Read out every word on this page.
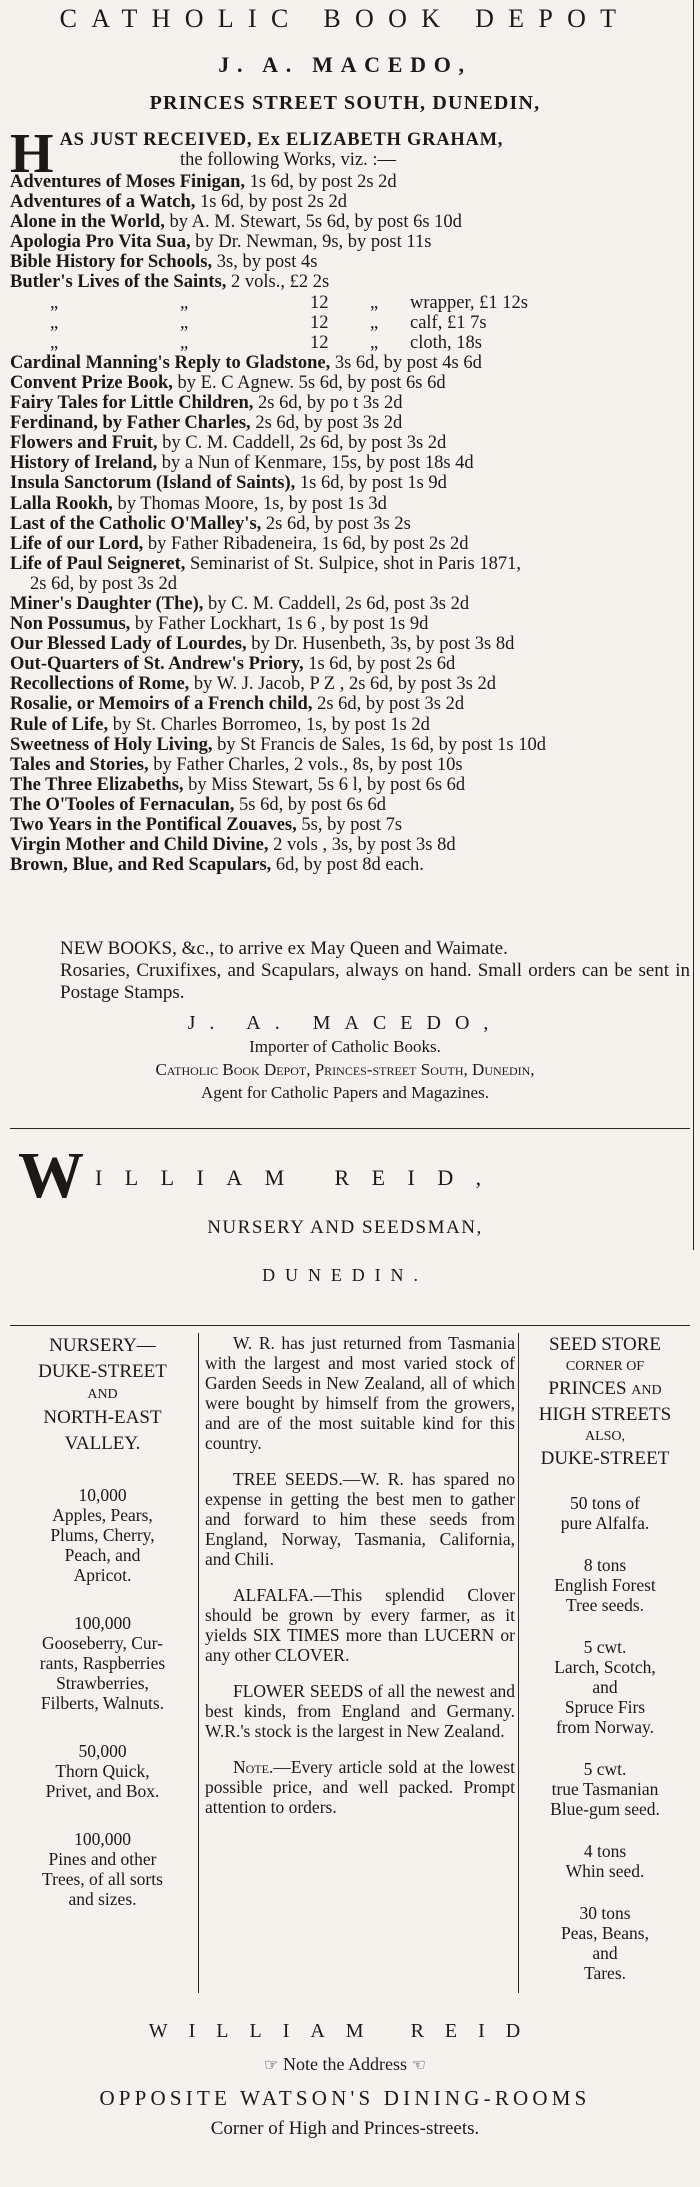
CATHOLIC BOOK DEPOT
J. A. MACEDO,
PRINCES STREET SOUTH, DUNEDIN,
H AS JUST RECEIVED, Ex ELIZABETH GRAHAM,
the following Works, viz. :—
Adventures of Moses Finigan, 1s 6d, by post 2s 2d
Adventures of a Watch, 1s 6d, by post 2s 2d
Alone in the World, by A. M. Stewart, 5s 6d, by post 6s 10d
Apologia Pro Vita Sua, by Dr. Newman, 9s, by post 11s
Bible History for Schools, 3s, by post 4s
Butler's Lives of the Saints, 2 vols., £2 2s
„	„	12 „ wrapper, £1 12s
„	„	12 „ calf, £1 7s
„	„	12 „ cloth, 18s
Cardinal Manning's Reply to Gladstone, 3s 6d, by post 4s 6d
Convent Prize Book, by E. C Agnew. 5s 6d, by post 6s 6d
Fairy Tales for Little Children, 2s 6d, by po t 3s 2d
Ferdinand, by Father Charles, 2s 6d, by post 3s 2d
Flowers and Fruit, by C. M. Caddell, 2s 6d, by post 3s 2d
History of Ireland, by a Nun of Kenmare, 15s, by post 18s 4d
Insula Sanctorum (Island of Saints), 1s 6d, by post 1s 9d
Lalla Rookh, by Thomas Moore, 1s, by post 1s 3d
Last of the Catholic O'Malley's, 2s 6d, by post 3s 2s
Life of our Lord, by Father Ribadeneira, 1s 6d, by post 2s 2d
Life of Paul Seigneret, Seminarist of St. Sulpice, shot in Paris 1871,
2s 6d, by post 3s 2d
Miner's Daughter (The), by C. M. Caddell, 2s 6d, post 3s 2d
Non Possumus, by Father Lockhart, 1s 6 , by post 1s 9d
Our Blessed Lady of Lourdes, by Dr. Husenbeth, 3s, by post 3s 8d
Out-Quarters of St. Andrew's Priory, 1s 6d, by post 2s 6d
Recollections of Rome, by W. J. Jacob, P Z , 2s 6d, by post 3s 2d
Rosalie, or Memoirs of a French child, 2s 6d, by post 3s 2d
Rule of Life, by St. Charles Borromeo, 1s, by post 1s 2d
Sweetness of Holy Living, by St Francis de Sales, 1s 6d, by post 1s 10d
Tales and Stories, by Father Charles, 2 vols., 8s, by post 10s
The Three Elizabeths, by Miss Stewart, 5s 6 l, by post 6s 6d
The O'Tooles of Fernaculan, 5s 6d, by post 6s 6d
Two Years in the Pontifical Zouaves, 5s, by post 7s
Virgin Mother and Child Divine, 2 vols , 3s, by post 3s 8d
Brown, Blue, and Red Scapulars, 6d, by post 8d each.
NEW BOOKS, &c., to arrive ex May Queen and Waimate.
Rosaries, Cruxifixes, and Scapulars, always on hand. Small orders can be sent in Postage Stamps.
J. A. MACEDO,
Importer of Catholic Books.
Catholic Book Depot, Princes-street South, Dunedin,
Agent for Catholic Papers and Magazines.
W ILLIAM REID,
NURSERY AND SEEDSMAN,
DUNEDIN.
NURSERY—
DUKE-STREET
AND
NORTH-EAST
VALLEY.
10,000
Apples, Pears,
Plums, Cherry,
Peach, and
Apricot.
100,000
Gooseberry, Cur-
rants, Raspberries
Strawberries,
Filberts, Walnuts.
50,000
Thorn Quick,
Privet, and Box.
100,000
Pines and other
Trees, of all sorts
and sizes.

W. R. has just returned from Tasmania with the largest and most varied stock of Garden Seeds in New Zealand, all of which were bought by himself from the growers, and are of the most suitable kind for this country.

TREE SEEDS.—W. R. has spared no expense in getting the best men to gather and forward to him these seeds from England, Norway, Tasmania, California, and Chili.

ALFALFA.—This splendid Clover should be grown by every farmer, as it yields SIX TIMES more than LUCERN or any other CLOVER.

FLOWER SEEDS of all the newest and best kinds, from England and Germany. W.R.'s stock is the largest in New Zealand.

Note.—Every article sold at the lowest possible price, and well packed. Prompt attention to orders.

SEED STORE
CORNER OF
PRINCES AND
HIGH STREETS
ALSO,
DUKE-STREET
50 tons of
pure Alfalfa.
8 tons
English Forest
Tree seeds.
5 cwt.
Larch, Scotch,
and
Spruce Firs
from Norway.
5 cwt.
true Tasmanian
Blue-gum seed.
4 tons
Whin seed.
30 tons
Peas, Beans,
and
Tares.
WILLIAM REID
☞ Note the Address ☜
OPPOSITE WATSON'S DINING-ROOMS
Corner of High and Princes-streets.
